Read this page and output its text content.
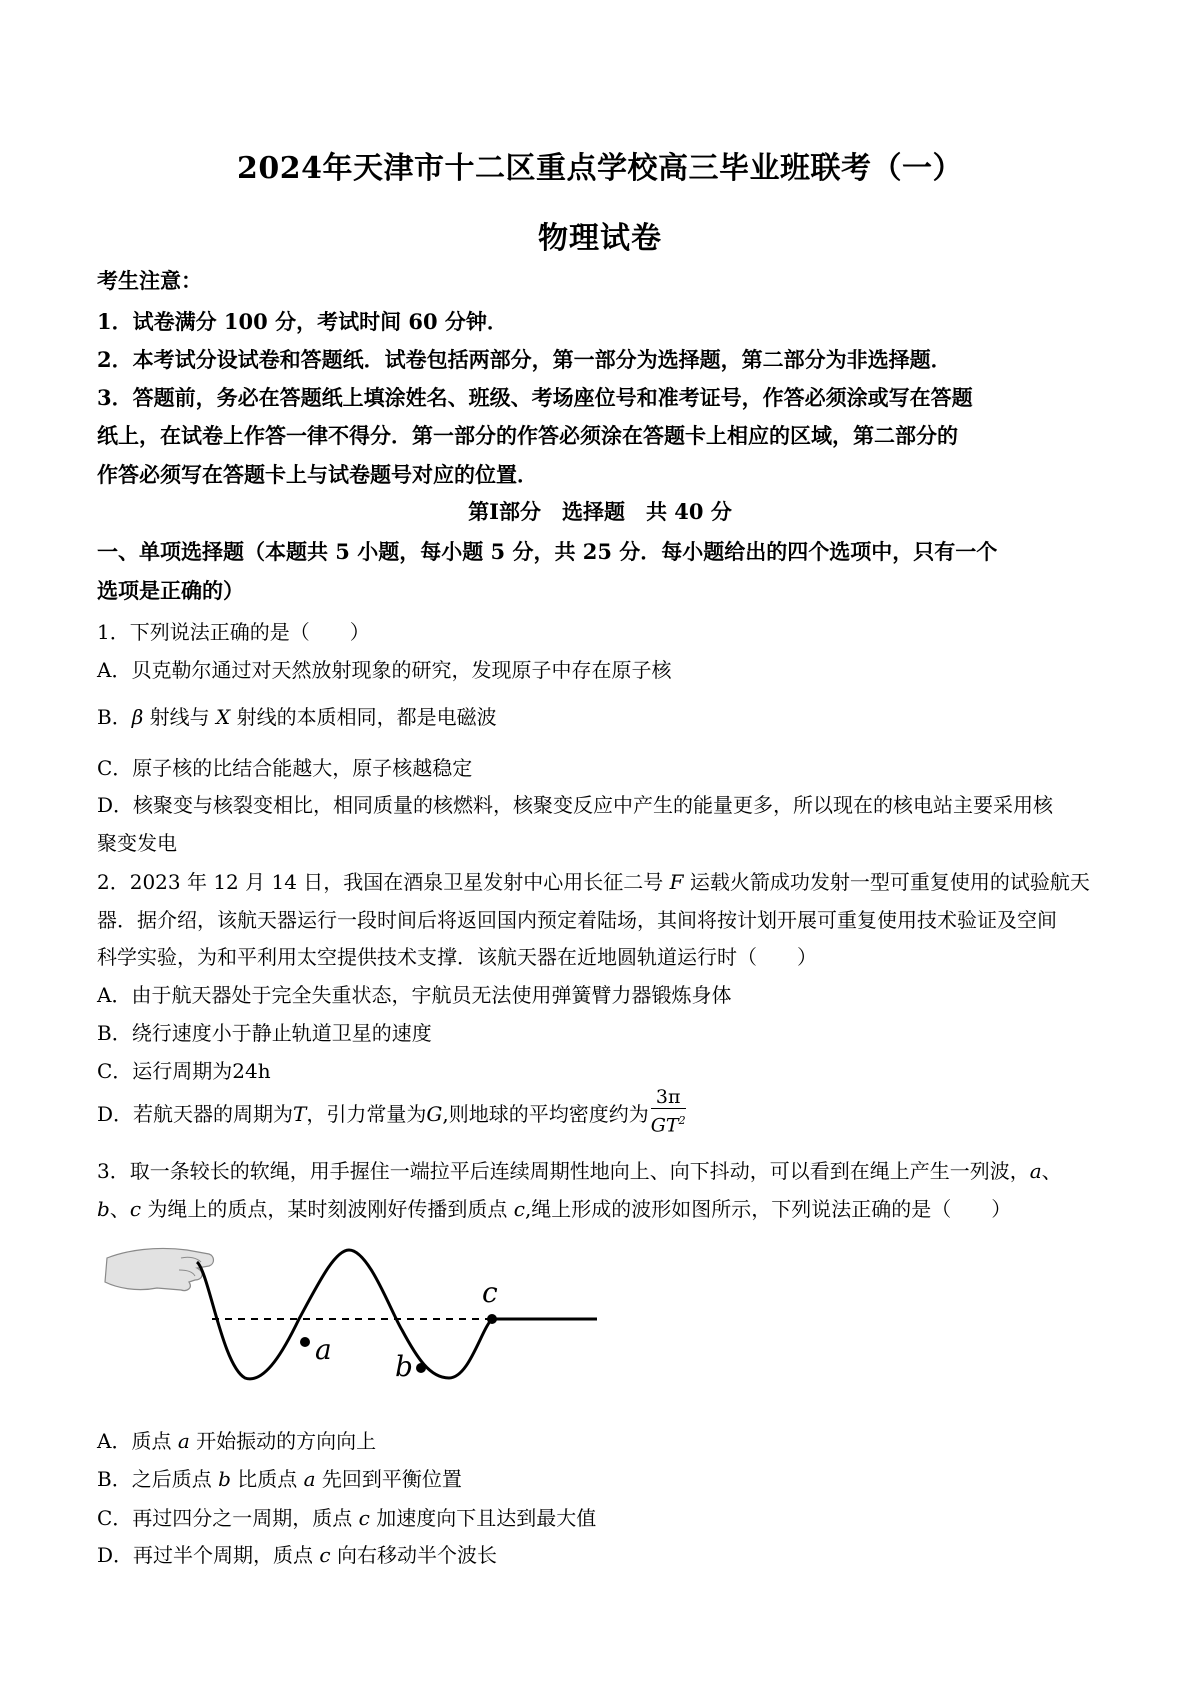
2024年天津市十二区重点学校高三毕业班联考（一）
物理试卷
考生注意：
1．试卷满分 100 分，考试时间 60 分钟．
2．本考试分设试卷和答题纸．试卷包括两部分，第一部分为选择题，第二部分为非选择题．
3．答题前，务必在答题纸上填涂姓名、班级、考场座位号和准考证号，作答必须涂或写在答题
纸上，在试卷上作答一律不得分．第一部分的作答必须涂在答题卡上相应的区域，第二部分的
作答必须写在答题卡上与试卷题号对应的位置．
第Ⅰ部分　选择题　共 40 分
一、单项选择题（本题共 5 小题，每小题 5 分，共 25 分．每小题给出的四个选项中，只有一个
选项是正确的）
1．下列说法正确的是（　　）
A．贝克勒尔通过对天然放射现象的研究，发现原子中存在原子核
B．β 射线与 X 射线的本质相同，都是电磁波
C．原子核的比结合能越大，原子核越稳定
D．核聚变与核裂变相比，相同质量的核燃料，核聚变反应中产生的能量更多，所以现在的核电站主要采用核
聚变发电
2．2023 年 12 月 14 日，我国在酒泉卫星发射中心用长征二号 F 运载火箭成功发射一型可重复使用的试验航天
器．据介绍，该航天器运行一段时间后将返回国内预定着陆场，其间将按计划开展可重复使用技术验证及空间
科学实验，为和平利用太空提供技术支撑．该航天器在近地圆轨道运行时（　　）
A．由于航天器处于完全失重状态，宇航员无法使用弹簧臂力器锻炼身体
B．绕行速度小于静止轨道卫星的速度
C．运行周期为24h
D．若航天器的周期为T，引力常量为G,则地球的平均密度约为 $\frac{3\pi}{GT^2}$
3．取一条较长的软绳，用手握住一端拉平后连续周期性地向上、向下抖动，可以看到在绳上产生一列波，a、
b、c 为绳上的质点，某时刻波刚好传播到质点 c,绳上形成的波形如图所示，下列说法正确的是（　　）
a
b
c
A．质点 a 开始振动的方向向上
B．之后质点 b 比质点 a 先回到平衡位置
C．再过四分之一周期，质点 c 加速度向下且达到最大值
D．再过半个周期，质点 c 向右移动半个波长
